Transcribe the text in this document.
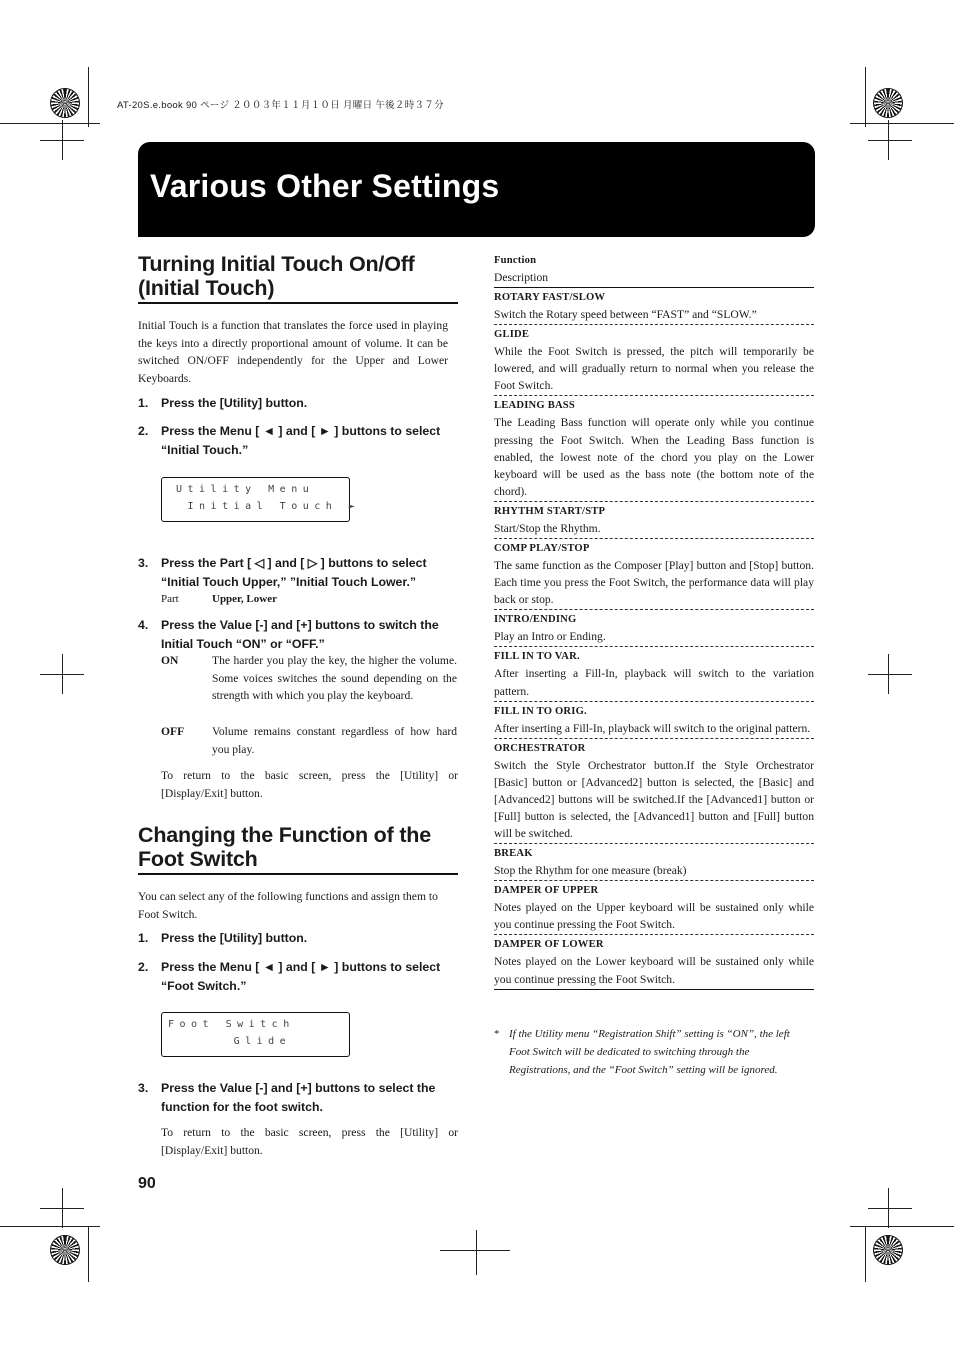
AT-20S.e.book 90 ページ ２００３年１１月１０日 月曜日 午後２時３７分
Various Other Settings
Turning Initial Touch On/Off (Initial Touch)
Initial Touch is a function that translates the force used in playing the keys into a directly proportional amount of volume. It can be switched ON/OFF independently for the Upper and Lower Keyboards.
1. Press the [Utility] button.
2. Press the Menu [ ◄ ] and [ ► ] buttons to select “Initial Touch.”
Utility Menu
Initial Touch ►
3. Press the Part [ ◁ ] and [ ▷ ] buttons to select “Initial Touch Upper,” ”Initial Touch Lower.”
Part	Upper, Lower
4. Press the Value [-] and [+] buttons to switch the Initial Touch “ON” or “OFF.”
ON	The harder you play the key, the higher the volume. Some voices switches the sound depending on the strength with which you play the keyboard.
OFF Volume remains constant regardless of how hard you play.
To return to the basic screen, press the [Utility] or [Display/Exit] button.
Changing the Function of the Foot Switch
You can select any of the following functions and assign them to Foot Switch.
1. Press the [Utility] button.
2. Press the Menu [ ◄ ] and [ ► ] buttons to select “Foot Switch.”
Foot Switch
Glide
3. Press the Value [-] and [+] buttons to select the function for the foot switch.
To return to the basic screen, press the [Utility] or [Display/Exit] button.
Function
Description
ROTARY FAST/SLOW
Switch the Rotary speed between “FAST” and “SLOW.”
GLIDE
While the Foot Switch is pressed, the pitch will temporarily be lowered, and will gradually return to normal when you release the Foot Switch.
LEADING BASS
The Leading Bass function will operate only while you continue pressing the Foot Switch. When the Leading Bass function is enabled, the lowest note of the chord you play on the Lower keyboard will be used as the bass note (the bottom note of the chord).
RHYTHM START/STP
Start/Stop the Rhythm.
COMP PLAY/STOP
The same function as the Composer [Play] button and [Stop] button. Each time you press the Foot Switch, the performance data will play back or stop.
INTRO/ENDING
Play an Intro or Ending.
FILL IN TO VAR.
After inserting a Fill-In, playback will switch to the variation pattern.
FILL IN TO ORIG.
After inserting a Fill-In, playback will switch to the original pattern.
ORCHESTRATOR
Switch the Style Orchestrator button.If the Style Orchestrator [Basic] button or [Advanced2] button is selected, the [Basic] and [Advanced2] buttons will be switched.If the [Advanced1] button or [Full] button is selected, the [Advanced1] button and [Full] button will be switched.
BREAK
Stop the Rhythm for one measure (break)
DAMPER OF UPPER
Notes played on the Upper keyboard will be sustained only while you continue pressing the Foot Switch.
DAMPER OF LOWER
Notes played on the Lower keyboard will be sustained only while you continue pressing the Foot Switch.
* If the Utility menu “Registration Shift” setting is “ON”, the left Foot Switch will be dedicated to switching through the Registrations, and the “Foot Switch” setting will be ignored.
90
